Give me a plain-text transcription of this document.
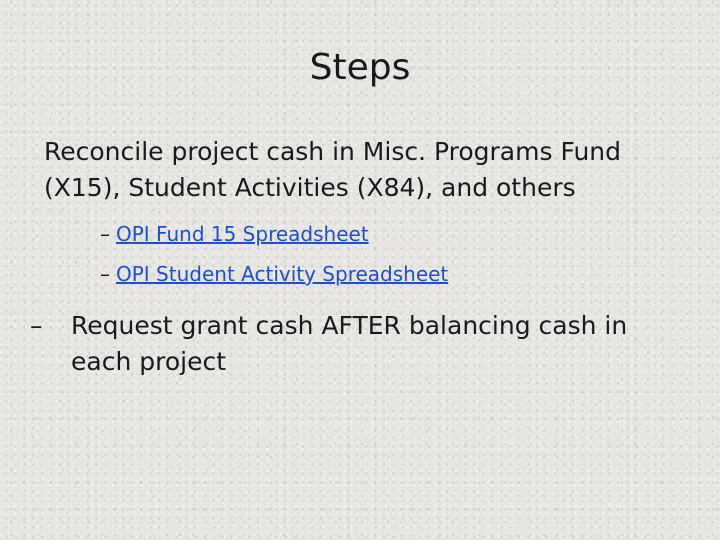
Steps

Reconcile project cash in Misc. Programs Fund (X15), Student Activities (X84), and others

– OPI Fund 15 Spreadsheet
– OPI Student Activity Spreadsheet
– Request grant cash AFTER balancing cash in each project
